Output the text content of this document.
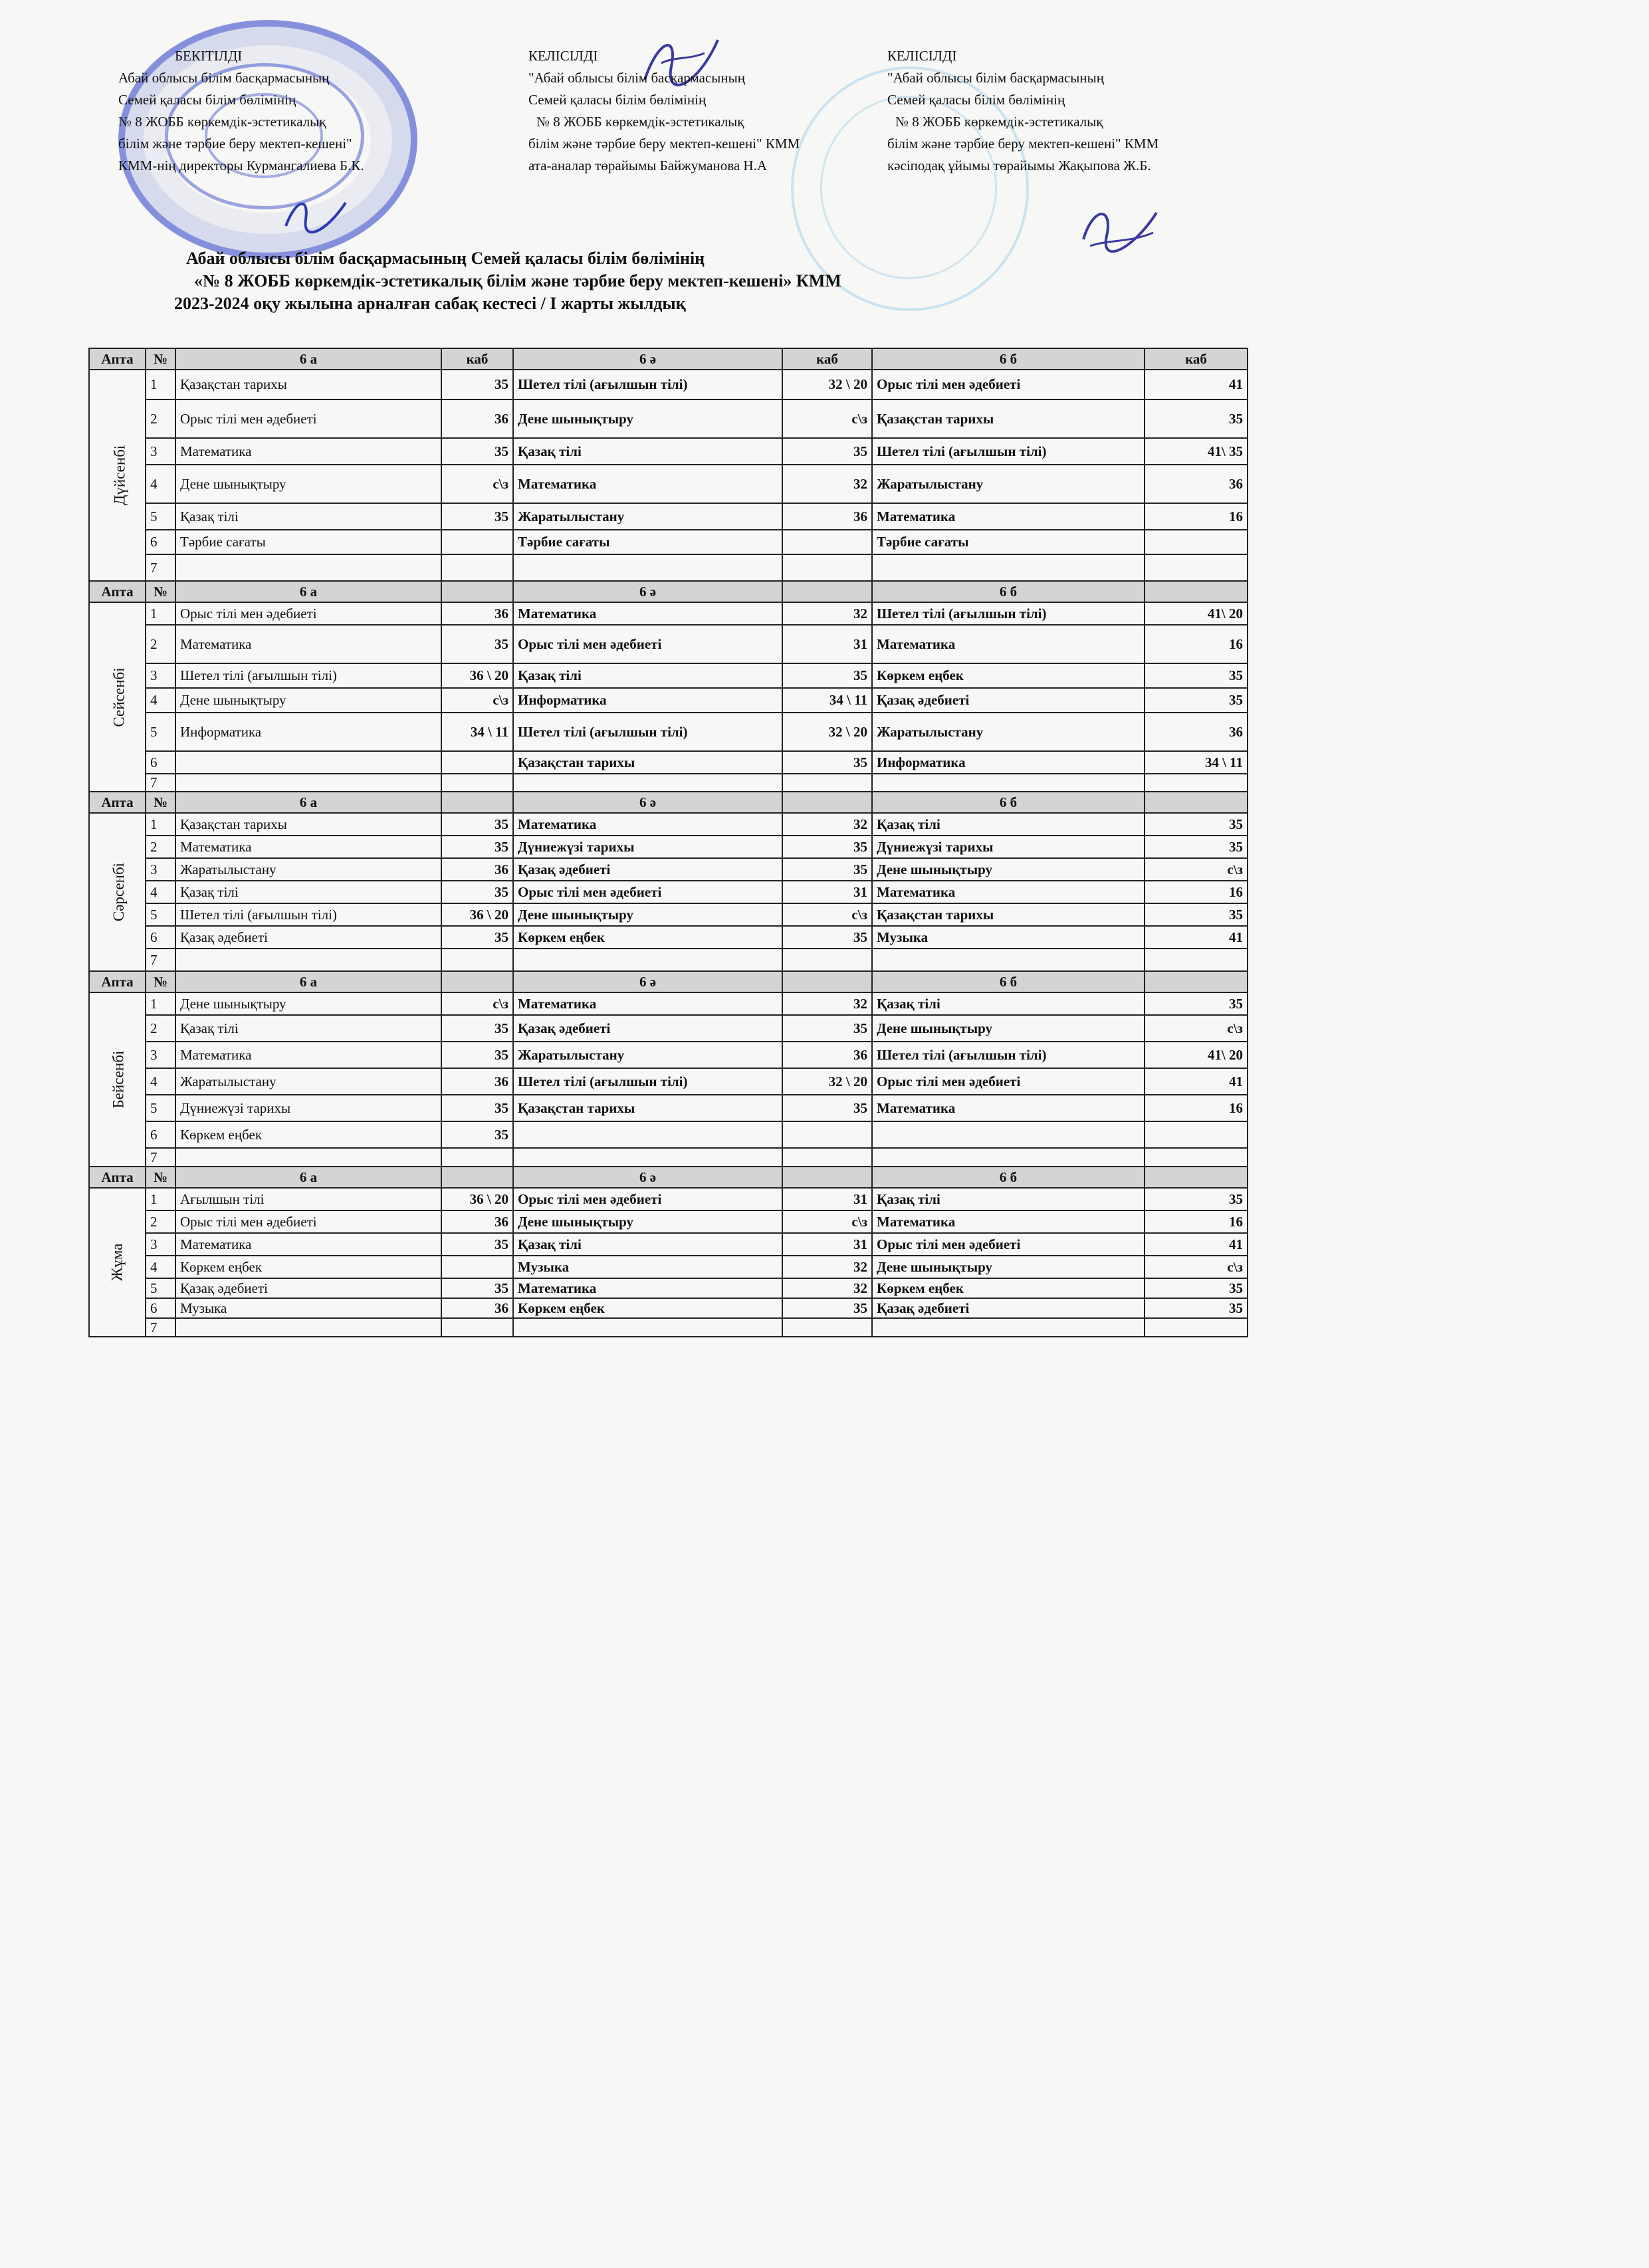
БЕКІТІЛДІ
Абай облысы білім басқармасының
Семей қаласы білім бөлімінің
№ 8 ЖОББ көркемдік-эстетикалық
білім және тәрбие беру мектеп-кешені"
КММ-нің директоры Курмангалиева Б.К.
КЕЛІСІЛДІ
"Абай облысы білім басқармасының
Семей қаласы білім бөлімінің
№ 8 ЖОББ көркемдік-эстетикалық
білім және тәрбие беру мектеп-кешені" КММ
ата-аналар төрайымы Байжуманова Н.А
КЕЛІСІЛДІ
"Абай облысы білім басқармасының
Семей қаласы білім бөлімінің
№ 8 ЖОББ көркемдік-эстетикалық
білім және тәрбие беру мектеп-кешені" КММ
кәсіподақ ұйымы төрайымы Жақыпова Ж.Б.
Абай облысы білім басқармасының Семей қаласы білім бөлімінің
«№ 8 ЖОББ көркемдік-эстетикалық білім және тәрбие беру мектеп-кешені» КММ
2023-2024 оқу жылына арналған сабақ кестесі / І жарты жылдық
Апта	№	6 а	каб	6 ә	каб	6 б	каб
Дүйсенбі	1	Қазақстан тарихы	35	Шетел тілі (ағылшын тілі)	32 \ 20	Орыс тілі мен әдебиеті	41
	2	Орыс тілі мен әдебиеті	36	Дене шынықтыру	с\з	Қазақстан тарихы	35
	3	Математика	35	Қазақ тілі	35	Шетел тілі (ағылшын тілі)	41\ 35
	4	Дене шынықтыру	с\з	Математика	32	Жаратылыстану	36
	5	Қазақ тілі	35	Жаратылыстану	36	Математика	16
	6	Тәрбие сағаты		Тәрбие сағаты		Тәрбие сағаты	
	7						
Апта	№	6 а		6 ә		6 б	
Сейсенбі	1	Орыс тілі мен әдебиеті	36	Математика	32	Шетел тілі (ағылшын тілі)	41\ 20
	2	Математика	35	Орыс тілі мен әдебиеті	31	Математика	16
	3	Шетел тілі (ағылшын тілі)	36 \ 20	Қазақ тілі	35	Көркем еңбек	35
	4	Дене шынықтыру	с\з	Информатика	34 \ 11	Қазақ әдебиеті	35
	5	Информатика	34 \ 11	Шетел тілі (ағылшын тілі)	32 \ 20	Жаратылыстану	36
	6			Қазақстан тарихы	35	Информатика	34 \ 11
	7						
Апта	№	6 а		6 ә		6 б	
Сәрсенбі	1	Қазақстан тарихы	35	Математика	32	Қазақ тілі	35
	2	Математика	35	Дүниежүзі тарихы	35	Дүниежүзі тарихы	35
	3	Жаратылыстану	36	Қазақ әдебиеті	35	Дене шынықтыру	с\з
	4	Қазақ тілі	35	Орыс тілі мен әдебиеті	31	Математика	16
	5	Шетел тілі (ағылшын тілі)	36 \ 20	Дене шынықтыру	с\з	Қазақстан тарихы	35
	6	Қазақ әдебиеті	35	Көркем еңбек	35	Музыка	41
	7						
Апта	№	6 а		6 ә		6 б	
Бейсенбі	1	Дене шынықтыру	с\з	Математика	32	Қазақ тілі	35
	2	Қазақ тілі	35	Қазақ әдебиеті	35	Дене шынықтыру	с\з
	3	Математика	35	Жаратылыстану	36	Шетел тілі (ағылшын тілі)	41\ 20
	4	Жаратылыстану	36	Шетел тілі (ағылшын тілі)	32 \ 20	Орыс тілі мен әдебиеті	41
	5	Дүниежүзі тарихы	35	Қазақстан тарихы	35	Математика	16
	6	Көркем еңбек	35				
	7						
Апта	№	6 а		6 ә		6 б	
Жұма	1	Ағылшын тілі	36 \ 20	Орыс тілі мен әдебиеті	31	Қазақ тілі	35
	2	Орыс тілі мен әдебиеті	36	Дене шынықтыру	с\з	Математика	16
	3	Математика	35	Қазақ тілі	31	Орыс тілі мен әдебиеті	41
	4	Көркем еңбек		Музыка	32	Дене шынықтыру	с\з
	5	Қазақ әдебиеті	35	Математика	32	Көркем еңбек	35
	6	Музыка	36	Көркем еңбек	35	Қазақ әдебиеті	35
	7						
